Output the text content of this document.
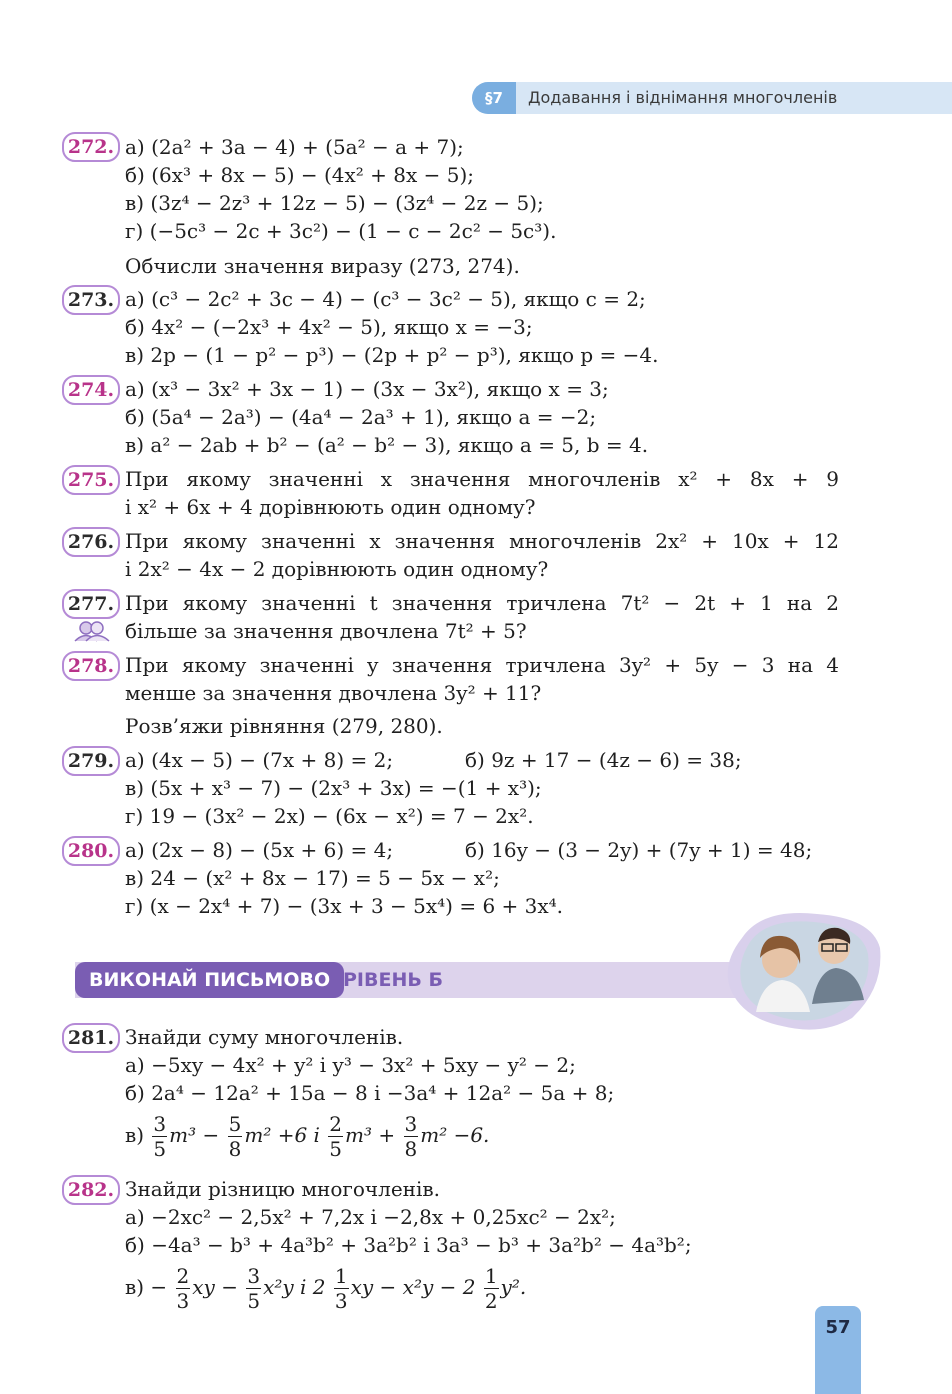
§7	Додавання і віднімання многочленів
272. а) (2a² + 3a − 4) + (5a² − a + 7);
б) (6x³ + 8x − 5) − (4x² + 8x − 5);
в) (3z⁴ − 2z³ + 12z − 5) − (3z⁴ − 2z − 5);
г) (−5c³ − 2c + 3c²) − (1 − c − 2c² − 5c³).
Обчисли значення виразу (273, 274).
273. а) (c³ − 2c² + 3c − 4) − (c³ − 3c² − 5), якщо c = 2;
б) 4x² − (−2x³ + 4x² − 5), якщо x = −3;
в) 2p − (1 − p² − p³) − (2p + p² − p³), якщо p = −4.
274. а) (x³ − 3x² + 3x − 1) − (3x − 3x²), якщо x = 3;
б) (5a⁴ − 2a³) − (4a⁴ − 2a³ + 1), якщо a = −2;
в) a² − 2ab + b² − (a² − b² − 3), якщо a = 5, b = 4.
275. При якому значенні x значення многочленів x² + 8x + 9
і x² + 6x + 4 дорівнюють один одному?
276. При якому значенні x значення многочленів 2x² + 10x + 12
і 2x² − 4x − 2 дорівнюють один одному?
277. При якому значенні t значення тричлена 7t² − 2t + 1 на 2
більше за значення двочлена 7t² + 5?
278. При якому значенні y значення тричлена 3y² + 5y − 3 на 4
менше за значення двочлена 3y² + 11?
Розв’яжи рівняння (279, 280).
279. а) (4x − 5) − (7x + 8) = 2;	б) 9z + 17 − (4z − 6) = 38;
в) (5x + x³ − 7) − (2x³ + 3x) = −(1 + x³);
г) 19 − (3x² − 2x) − (6x − x²) = 7 − 2x².
280. а) (2x − 8) − (5x + 6) = 4;	б) 16y − (3 − 2y) + (7y + 1) = 48;
в) 24 − (x² + 8x − 17) = 5 − 5x − x²;
г) (x − 2x⁴ + 7) − (3x + 3 − 5x⁴) = 6 + 3x⁴.
ВИКОНАЙ ПИСЬМОВО РІВЕНЬ Б
281. Знайди суму многочленів.
а) −5xy − 4x² + y² і y³ − 3x² + 5xy − y² − 2;
б) 2a⁴ − 12a² + 15a − 8 і −3a⁴ + 12a² − 5a + 8;
$в) \frac{3}{5} m^3 - \frac{5}{8} m^2 +6$ і $\frac{2}{5} m^3 + \frac{3}{8} m^2 -6$.
282. Знайди різницю многочленів.
а) −2xc² − 2,5x² + 7,2x і −2,8x + 0,25xc² − 2x²;
б) −4a³ − b³ + 4a³b² + 3a²b² і 3a³ − b³ + 3a²b² − 4a³b²;
$в) - \frac{2}{3}$ xy − $\frac{3}{5} x^2y$ і $2 \frac{1}{3}$ xy − $x^2y - 2 \frac{1}{2} y^2$.
57
